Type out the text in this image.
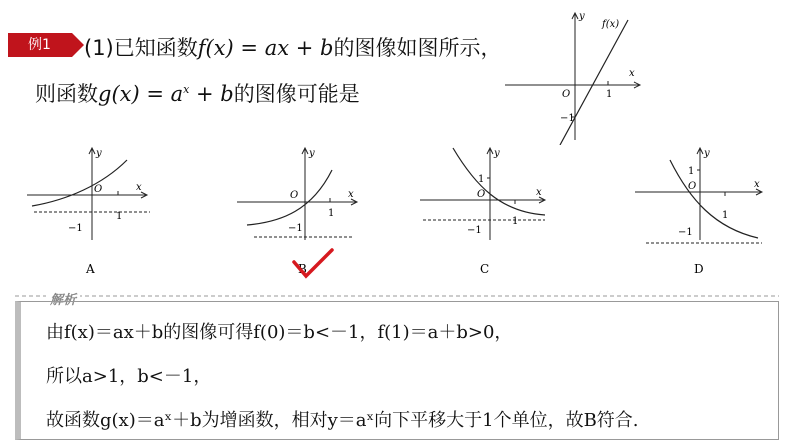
例1	(1)已知函数f(x) = ax + b的图像如图所示，
则函数$g(x) = a^x + b$的图像可能是
f(x)
x
y
O	1
−1
x
y
O
1
−1
A
x
y
O
1
−1
B
x
y
O
1
1
−1
C
x
y
O
1
1
−1
D
解析
由f(x)＝ax＋b的图像可得f(0)＝b<－1，f(1)＝a＋b>0，
所以a>1，b<－1，
故函数g(x)＝aˣ＋b为增函数，相对y＝aˣ向下平移大于1个单位，故B符合.
